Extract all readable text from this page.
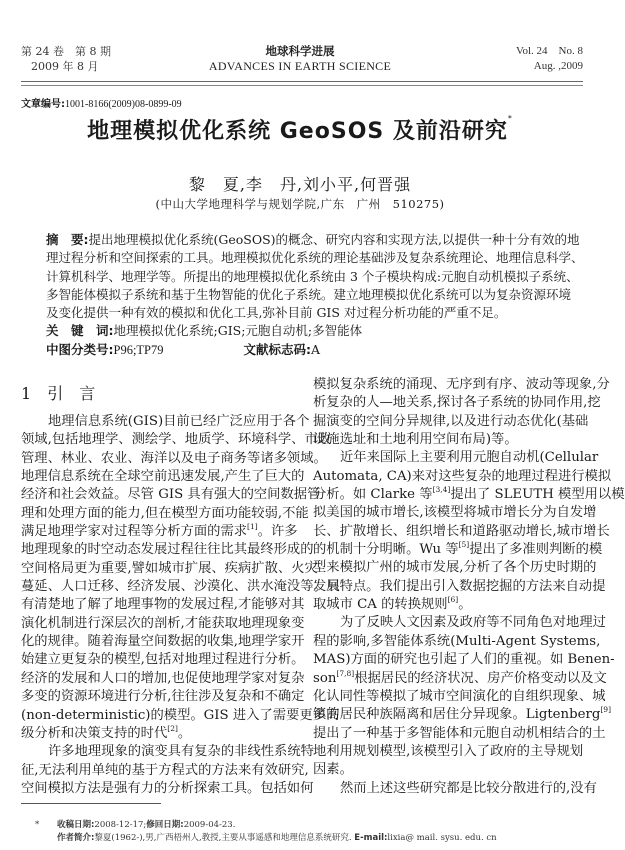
第 24 卷　第 8 期
2009 年 8 月
地球科学进展
ADVANCES IN EARTH SCIENCE
Vol. 24　No. 8
Aug. ,2009
文章编号:1001-8166(2009)08-0899-09
地理模拟优化系统 GeoSOS 及前沿研究*
黎　夏,李　丹,刘小平,何晋强
(中山大学地理科学与规划学院,广东　广州　510275)
摘　要:提出地理模拟优化系统(GeoSOS)的概念、研究内容和实现方法,以提供一种十分有效的地
理过程分析和空间探索的工具。地理模拟优化系统的理论基础涉及复杂系统理论、地理信息科学、
计算机科学、地理学等。所提出的地理模拟优化系统由 3 个子模块构成:元胞自动机模拟子系统、
多智能体模拟子系统和基于生物智能的优化子系统。建立地理模拟优化系统可以为复杂资源环境
及变化提供一种有效的模拟和优化工具,弥补目前 GIS 对过程分析功能的严重不足。
关　键　词:地理模拟优化系统;GIS;元胞自动机;多智能体
中图分类号:P96;TP79	文献标志码:A
1 引　言
地理信息系统(GIS)目前已经广泛应用于各个
领域,包括地理学、测绘学、地质学、环境科学、市政
管理、林业、农业、海洋以及电子商务等诸多领域。
地理信息系统在全球空前迅速发展,产生了巨大的
经济和社会效益。尽管 GIS 具有强大的空间数据管
理和处理方面的能力,但在模型方面功能较弱,不能
满足地理学家对过程等分析方面的需求[1]。许多
地理现象的时空动态发展过程往往比其最终形成的
空间格局更为重要,譬如城市扩展、疾病扩散、火灾
蔓延、人口迁移、经济发展、沙漠化、洪水淹没等。只
有清楚地了解了地理事物的发展过程,才能够对其
演化机制进行深层次的剖析,才能获取地理现象变
化的规律。随着海量空间数据的收集,地理学家开
始建立更复杂的模型,包括对地理过程进行分析。
经济的发展和人口的增加,也促使地理学家对复杂
多变的资源环境进行分析,往往涉及复杂和不确定
(non-deterministic)的模型。GIS 进入了需要更多高
级分析和决策支持的时代[2]。
许多地理现象的演变具有复杂的非线性系统特
征,无法利用单纯的基于方程式的方法来有效研究,
空间模拟方法是强有力的分析探索工具。包括如何
模拟复杂系统的涌现、无序到有序、波动等现象,分
析复杂的人—地关系,探讨各子系统的协同作用,挖
掘演变的空间分异规律,以及进行动态优化(基础
设施选址和土地利用空间布局)等。
近年来国际上主要利用元胞自动机(Cellular
Automata, CA)来对这些复杂的地理过程进行模拟
分析。如 Clarke 等[3,4]提出了 SLEUTH 模型用以模
拟美国的城市增长,该模型将城市增长分为自发增
长、扩散增长、组织增长和道路驱动增长,城市增长
的机制十分明晰。Wu 等[5]提出了多准则判断的模
型来模拟广州的城市发展,分析了各个历史时期的
发展特点。我们提出引入数据挖掘的方法来自动提
取城市 CA 的转换规则[6]。
为了反映人文因素及政府等不同角色对地理过
程的影响,多智能体系统(Multi-Agent Systems,
MAS)方面的研究也引起了人们的重视。如 Benen-
son[7,8]根据居民的经济状况、房产价格变动以及文
化认同性等模拟了城市空间演化的自组织现象、城
镇的居民种族隔离和居住分异现象。Ligtenberg[9]
提出了一种基于多智能体和元胞自动机相结合的土
地利用规划模型,该模型引入了政府的主导规划
因素。
然而上述这些研究都是比较分散进行的,没有
* 收稿日期:2008-12-17;修回日期:2009-04-23.
作者简介:黎夏(1962-),男,广西梧州人,教授,主要从事遥感和地理信息系统研究. E-mail:lixia@ mail. sysu. edu. cn
